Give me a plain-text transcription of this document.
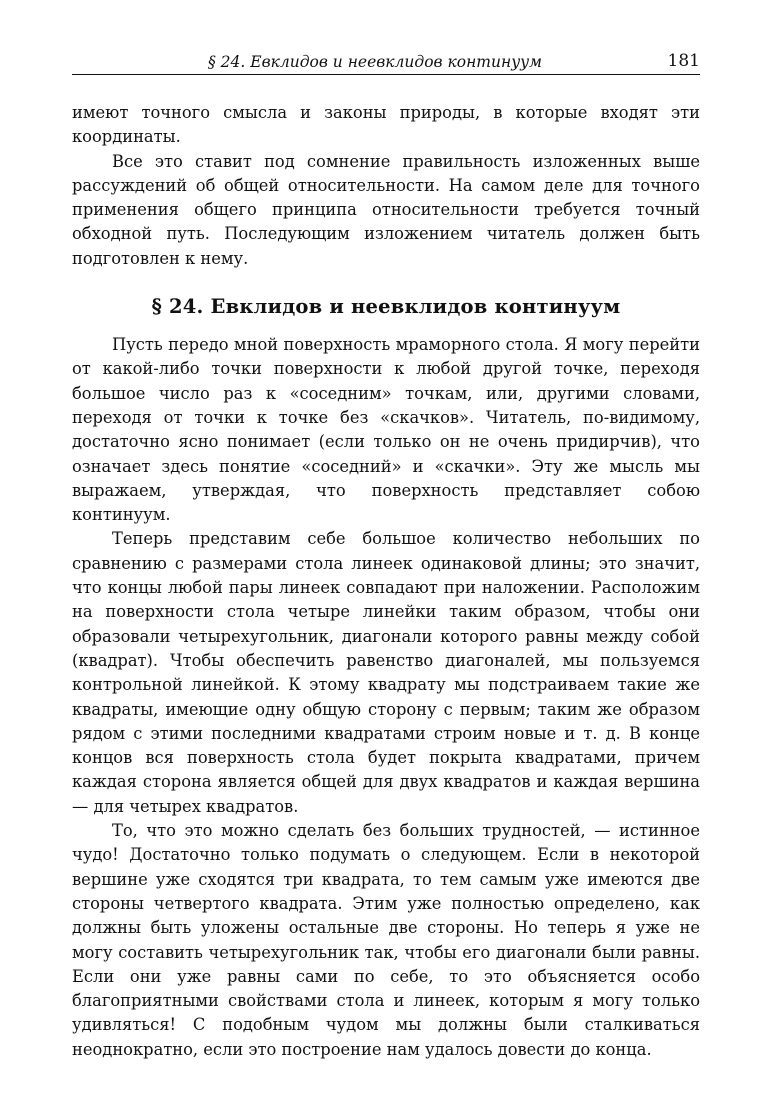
§ 24. Евклидов и неевклидов континуум	181

имеют точного смысла и законы природы, в которые входят эти координаты.

Все это ставит под сомнение правильность изложенных выше рассуждений об общей относительности. На самом деле для точного применения общего принципа относительности требуется точный обходной путь. Последующим изложением читатель должен быть подготовлен к нему.

§ 24. Евклидов и неевклидов континуум

Пусть передо мной поверхность мраморного стола. Я могу перейти от какой-либо точки поверхности к любой другой точке, переходя большое число раз к «соседним» точкам, или, другими словами, переходя от точки к точке без «скачков». Читатель, по-видимому, достаточно ясно понимает (если только он не очень придирчив), что означает здесь понятие «соседний» и «скачки». Эту же мысль мы выражаем, утверждая, что поверхность представляет собою континуум.

Теперь представим себе большое количество небольших по сравнению с размерами стола линеек одинаковой длины; это значит, что концы любой пары линеек совпадают при наложении. Расположим на поверхности стола четыре линейки таким образом, чтобы они образовали четырехугольник, диагонали которого равны между собой (квадрат). Чтобы обеспечить равенство диагоналей, мы пользуемся контрольной линейкой. К этому квадрату мы подстраиваем такие же квадраты, имеющие одну общую сторону с первым; таким же образом рядом с этими последними квадратами строим новые и т. д. В конце концов вся поверхность стола будет покрыта квадратами, причем каждая сторона является общей для двух квадратов и каждая вершина — для четырех квадратов.

То, что это можно сделать без больших трудностей, — истинное чудо! Достаточно только подумать о следующем. Если в некоторой вершине уже сходятся три квадрата, то тем самым уже имеются две стороны четвертого квадрата. Этим уже полностью определено, как должны быть уложены остальные две стороны. Но теперь я уже не могу составить четырехугольник так, чтобы его диагонали были равны. Если они уже равны сами по себе, то это объясняется особо благоприятными свойствами стола и линеек, которым я могу только удивляться! С подобным чудом мы должны были сталкиваться неоднократно, если это построение нам удалось довести до конца.
